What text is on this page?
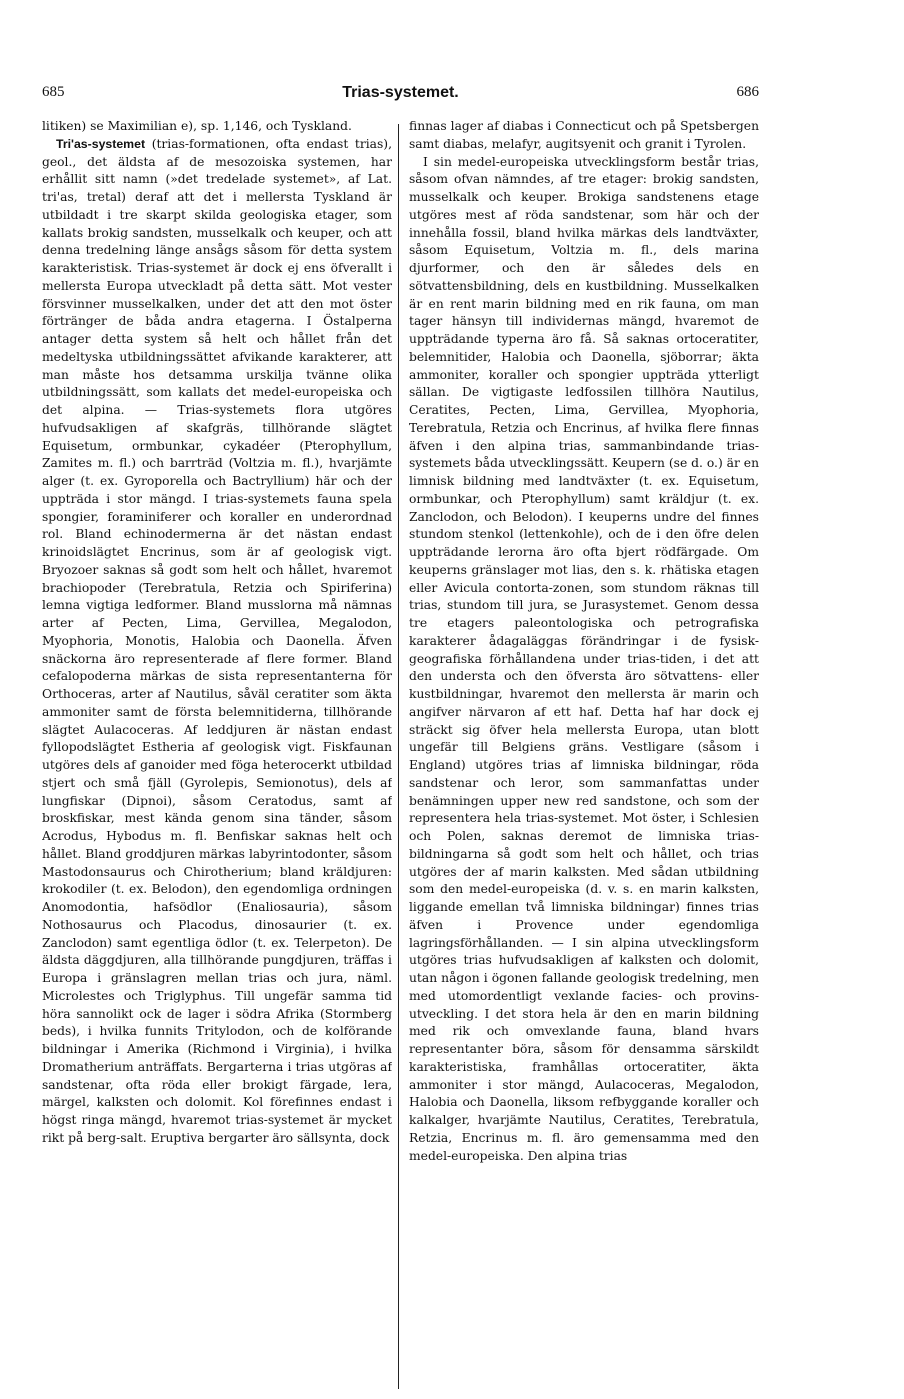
685	Trias-systemet.	686

litiken) se Maximilian e), sp. 1,146, och Tyskland.

Tri'as-systemet (trias-formationen, ofta endast trias), geol., det äldsta af de mesozoiska systemen, har erhållit sitt namn (»det tredelade systemet», af Lat. tri'as, tretal) deraf att det i mellersta Tyskland är utbildadt i tre skarpt skilda geologiska etager, som kallats brokig sandsten, musselkalk och keuper, och att denna tredelning länge ansågs såsom för detta system karakteristisk. Trias-systemet är dock ej ens öfverallt i mellersta Europa utveckladt på detta sätt. Mot vester försvinner musselkalken, under det att den mot öster förtränger de båda andra etagerna. I Östalperna antager detta system så helt och hållet från det medeltyska utbildningssättet afvikande karakterer, att man måste hos detsamma urskilja tvänne olika utbildningssätt, som kallats det medel-europeiska och det alpina. — Trias-systemets flora utgöres hufvudsakligen af skafgräs, tillhörande slägtet Equisetum, ormbunkar, cykadéer (Pterophyllum, Zamites m. fl.) och barrträd (Voltzia m. fl.), hvarjämte alger (t. ex. Gyroporella och Bactryllium) här och der uppträda i stor mängd. I trias-systemets fauna spela spongier, foraminiferer och koraller en underordnad rol. Bland echinodermerna är det nästan endast krinoidslägtet Encrinus, som är af geologisk vigt. Bryozoer saknas så godt som helt och hållet, hvaremot brachiopoder (Terebratula, Retzia och Spiriferina) lemna vigtiga ledformer. Bland musslorna må nämnas arter af Pecten, Lima, Gervillea, Megalodon, Myophoria, Monotis, Halobia och Daonella. Äfven snäckorna äro representerade af flere former. Bland cefalopoderna märkas de sista representanterna för Orthoceras, arter af Nautilus, såväl ceratiter som äkta ammoniter samt de första belemnitiderna, tillhörande slägtet Aulacoceras. Af leddjuren är nästan endast fyllopodslägtet Estheria af geologisk vigt. Fiskfaunan utgöres dels af ganoider med föga heterocerkt utbildad stjert och små fjäll (Gyrolepis, Semionotus), dels af lungfiskar (Dipnoi), såsom Ceratodus, samt af broskfiskar, mest kända genom sina tänder, såsom Acrodus, Hybodus m. fl. Benfiskar saknas helt och hållet. Bland groddjuren märkas labyrintodonter, såsom Mastodonsaurus och Chirotherium; bland kräldjuren: krokodiler (t. ex. Belodon), den egendomliga ordningen Anomodontia, hafsödlor (Enaliosauria), såsom Nothosaurus och Placodus, dinosaurier (t. ex. Zanclodon) samt egentliga ödlor (t. ex. Telerpeton). De äldsta däggdjuren, alla tillhörande pungdjuren, träffas i Europa i gränslagren mellan trias och jura, näml. Microlestes och Triglyphus. Till ungefär samma tid höra sannolikt ock de lager i södra Afrika (Stormberg beds), i hvilka funnits Tritylodon, och de kolförande bildningar i Amerika (Richmond i Virginia), i hvilka Dromatherium anträffats. Bergarterna i trias utgöras af sandstenar, ofta röda eller brokigt färgade, lera, märgel, kalksten och dolomit. Kol förefinnes endast i högst ringa mängd, hvaremot trias-systemet är mycket rikt på berg-salt. Eruptiva bergarter äro sällsynta, dock

finnas lager af diabas i Connecticut och på Spetsbergen samt diabas, melafyr, augitsyenit och granit i Tyrolen.

I sin medel-europeiska utvecklingsform består trias, såsom ofvan nämndes, af tre etager: brokig sandsten, musselkalk och keuper. Brokiga sandstenens etage utgöres mest af röda sandstenar, som här och der innehålla fossil, bland hvilka märkas dels landtväxter, såsom Equisetum, Voltzia m. fl., dels marina djurformer, och den är således dels en sötvattensbildning, dels en kustbildning. Musselkalken är en rent marin bildning med en rik fauna, om man tager hänsyn till individernas mängd, hvaremot de uppträdande typerna äro få. Så saknas ortoceratiter, belemnitider, Halobia och Daonella, sjöborrar; äkta ammoniter, koraller och spongier uppträda ytterligt sällan. De vigtigaste ledfossilen tillhöra Nautilus, Ceratites, Pecten, Lima, Gervillea, Myophoria, Terebratula, Retzia och Encrinus, af hvilka flere finnas äfven i den alpina trias, sammanbindande trias-systemets båda utvecklingssätt. Keupern (se d. o.) är en limnisk bildning med landtväxter (t. ex. Equisetum, ormbunkar, och Pterophyllum) samt kräldjur (t. ex. Zanclodon, och Belodon). I keuperns undre del finnes stundom stenkol (lettenkohle), och de i den öfre delen uppträdande lerorna äro ofta bjert rödfärgade. Om keuperns gränslager mot lias, den s. k. rhätiska etagen eller Avicula contorta-zonen, som stundom räknas till trias, stundom till jura, se Jurasystemet. Genom dessa tre etagers paleontologiska och petrografiska karakterer ådagaläggas förändringar i de fysisk-geografiska förhållandena under trias-tiden, i det att den understa och den öfversta äro sötvattens- eller kustbildningar, hvaremot den mellersta är marin och angifver närvaron af ett haf. Detta haf har dock ej sträckt sig öfver hela mellersta Europa, utan blott ungefär till Belgiens gräns. Vestligare (såsom i England) utgöres trias af limniska bildningar, röda sandstenar och leror, som sammanfattas under benämningen upper new red sandstone, och som der representera hela trias-systemet. Mot öster, i Schlesien och Polen, saknas deremot de limniska trias-bildningarna så godt som helt och hållet, och trias utgöres der af marin kalksten. Med sådan utbildning som den medel-europeiska (d. v. s. en marin kalksten, liggande emellan två limniska bildningar) finnes trias äfven i Provence under egendomliga lagringsförhållanden. — I sin alpina utvecklingsform utgöres trias hufvudsakligen af kalksten och dolomit, utan någon i ögonen fallande geologisk tredelning, men med utomordentligt vexlande facies- och provins-utveckling. I det stora hela är den en marin bildning med rik och omvexlande fauna, bland hvars representanter böra, såsom för densamma särskildt karakteristiska, framhållas ortoceratiter, äkta ammoniter i stor mängd, Aulacoceras, Megalodon, Halobia och Daonella, liksom refbyggande koraller och kalkalger, hvarjämte Nautilus, Ceratites, Terebratula, Retzia, Encrinus m. fl. äro gemensamma med den medel-europeiska. Den alpina trias
